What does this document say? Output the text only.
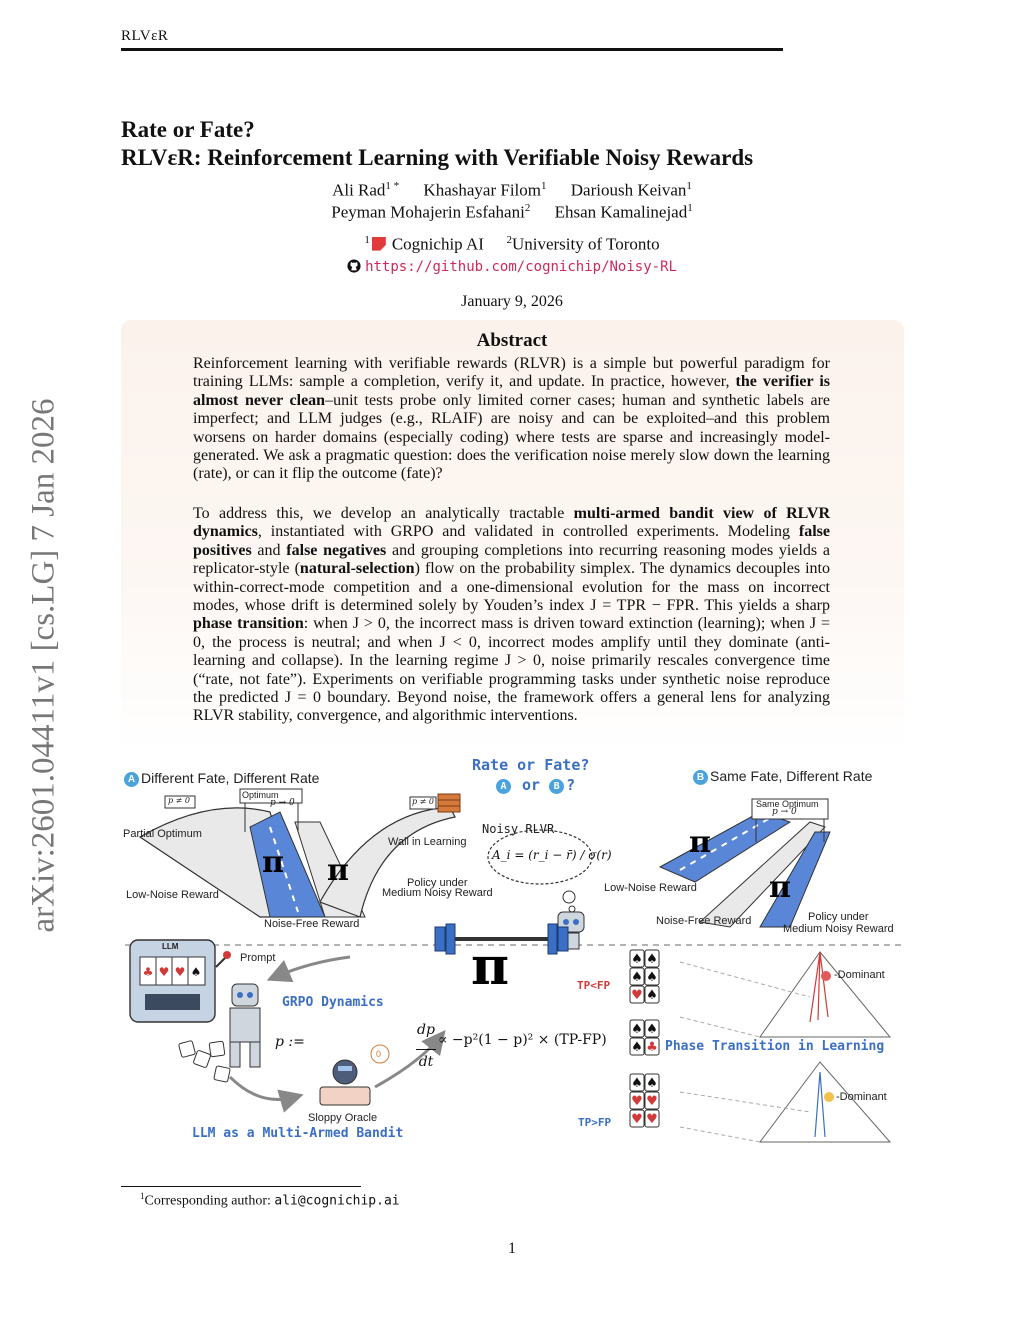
RLVεR
arXiv:2601.04411v1 [cs.LG] 7 Jan 2026
Rate or Fate?
RLVεR: Reinforcement Learning with Verifiable Noisy Rewards
Ali Rad$^{1 *}$ Khashayar Filom$^1$ Darioush Keivan$^1$
Peyman Mohajerin Esfahani$^2$ Ehsan Kamalinejad$^1$
$^1$ Cognichip AI $^2$University of Toronto
https://github.com/cognichip/Noisy-RL
January 9, 2026
Abstract
Reinforcement learning with verifiable rewards (RLVR) is a simple but powerful paradigm for training LLMs: sample a completion, verify it, and update. In practice, however, the verifier is almost never clean–unit tests probe only limited corner cases; human and synthetic labels are imperfect; and LLM judges (e.g., RLAIF) are noisy and can be exploited–and this problem worsens on harder domains (especially coding) where tests are sparse and increasingly model-generated. We ask a pragmatic question: does the verification noise merely slow down the learning (rate), or can it flip the outcome (fate)?
To address this, we develop an analytically tractable multi-armed bandit view of RLVR dynamics, instantiated with GRPO and validated in controlled experiments. Modeling false positives and false negatives and grouping completions into recurring reasoning modes yields a replicator-style (natural-selection) flow on the probability simplex. The dynamics decouples into within-correct-mode competition and a one-dimensional evolution for the mass on incorrect modes, whose drift is determined solely by Youden’s index J = TPR − FPR. This yields a sharp phase transition: when J > 0, the incorrect mass is driven toward extinction (learning); when J = 0, the process is neutral; and when J < 0, incorrect modes amplify until they dominate (anti-learning and collapse). In the learning regime J > 0, noise primarily rescales convergence time (“rate, not fate”). Experiments on verifiable programming tasks under synthetic noise reproduce the predicted J = 0 boundary. Beyond noise, the framework offers a general lens for analyzing RLVR stability, convergence, and algorithmic interventions.
π π
π
π
π
♣ ♥ ♥ ♠
♠ ♠
♠ ♠
♥ ♠
♠ ♠
♠ ♣
♠ ♠
♥ ♥
♥ ♥
A Different Fate, Different Rate
Rate or Fate?
A or B ?	B Same Fate, Different Rate
Optimum
p → 0
p ≠ 0	p ≠ 0
Partial Optimum
Wall in Learning
Low-Noise Reward
Policy under
Medium Noisy Reward
Noise-Free Reward
Noisy RLVR
A_i = (r_i − r̄) / σ(r)
Same Optimum
p → 0
Low-Noise Reward
Noise-Free Reward	Policy under
Medium Noisy Reward
LLM
Prompt
GRPO Dynamics
p :=
dp

dt
∝ −p²(1 − p)² × (TP-FP)
TP<FP
TP>FP
Phase Transition in Learning
-Dominant
-Dominant
0
Sloppy Oracle
LLM as a Multi-Armed Bandit
$^1$Corresponding author: ali@cognichip.ai
1
